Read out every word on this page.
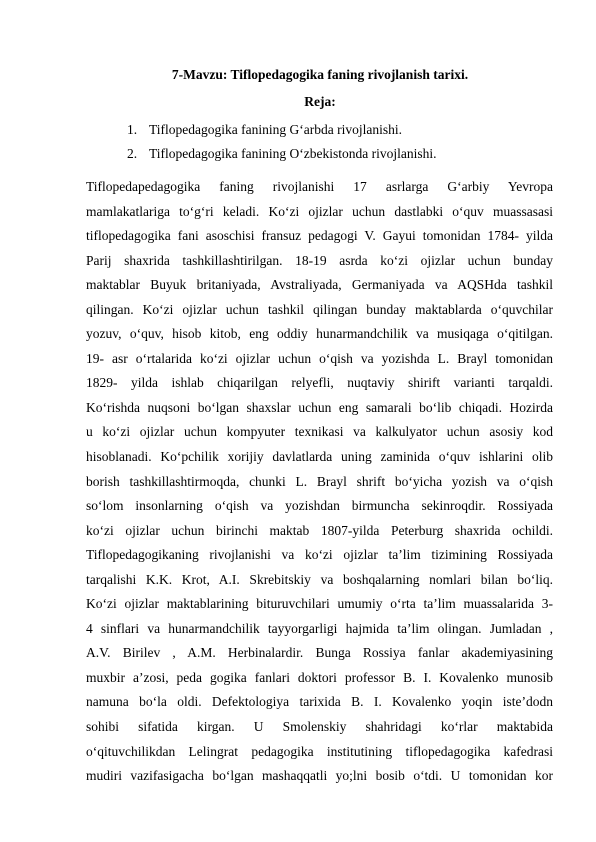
7-Mavzu: Tiflopedagogika faning rivojlanish tarixi.
Reja:
1. Tiflopedagogika fanining G‘arbda rivojlanishi.
2. Tiflopedagogika fanining O‘zbekistonda rivojlanishi.
Tiflopedapedagogika faning rivojlanishi 17 asrlarga G‘arbiy Yevropa
mamlakatlariga to‘g‘ri keladi. Ko‘zi ojizlar uchun dastlabki o‘quv muassasasi
tiflopedagogika fani asoschisi fransuz pedagogi V. Gayui tomonidan 1784- yilda
Parij shaxrida tashkillashtirilgan. 18-19 asrda ko‘zi ojizlar uchun bunday
maktablar Buyuk britaniyada, Avstraliyada, Germaniyada va AQSHda tashkil
qilingan. Ko‘zi ojizlar uchun tashkil qilingan bunday maktablarda o‘quvchilar
yozuv, o‘quv, hisob kitob, eng oddiy hunarmandchilik va musiqaga o‘qitilgan.
19- asr o‘rtalarida ko‘zi ojizlar uchun o‘qish va yozishda L. Brayl tomonidan
1829- yilda ishlab chiqarilgan relyefli, nuqtaviy shirift varianti tarqaldi.
Ko‘rishda nuqsoni bo‘lgan shaxslar uchun eng samarali bo‘lib chiqadi. Hozirda
u ko‘zi ojizlar uchun kompyuter texnikasi va kalkulyator uchun asosiy kod
hisoblanadi. Ko‘pchilik xorijiy davlatlarda uning zaminida o‘quv ishlarini olib
borish tashkillashtirmoqda, chunki L. Brayl shrift bo‘yicha yozish va o‘qish
so‘lom insonlarning o‘qish va yozishdan birmuncha sekinroqdir. Rossiyada
ko‘zi ojizlar uchun birinchi maktab 1807-yilda Peterburg shaxrida ochildi.
Tiflopedagogikaning rivojlanishi va ko‘zi ojizlar ta’lim tizimining Rossiyada
tarqalishi K.K. Krot, A.I. Skrebitskiy va boshqalarning nomlari bilan bo‘liq.
Ko‘zi ojizlar maktablarining bituruvchilari umumiy o‘rta ta’lim muassalarida 3-
4 sinflari va hunarmandchilik tayyorgarligi hajmida ta’lim olingan. Jumladan ,
A.V. Birilev , A.M. Herbinalardir. Bunga Rossiya fanlar akademiyasining
muxbir a’zosi, peda gogika fanlari doktori professor B. I. Kovalenko munosib
namuna bo‘la oldi. Defektologiya tarixida B. I. Kovalenko yoqin iste’dodn
sohibi sifatida kirgan. U Smolenskiy shahridagi ko‘rlar maktabida
o‘qituvchilikdan Lelingrat pedagogika institutining tiflopedagogika kafedrasi
mudiri vazifasigacha bo‘lgan mashaqqatli yo;lni bosib o‘tdi. U tomonidan kor
